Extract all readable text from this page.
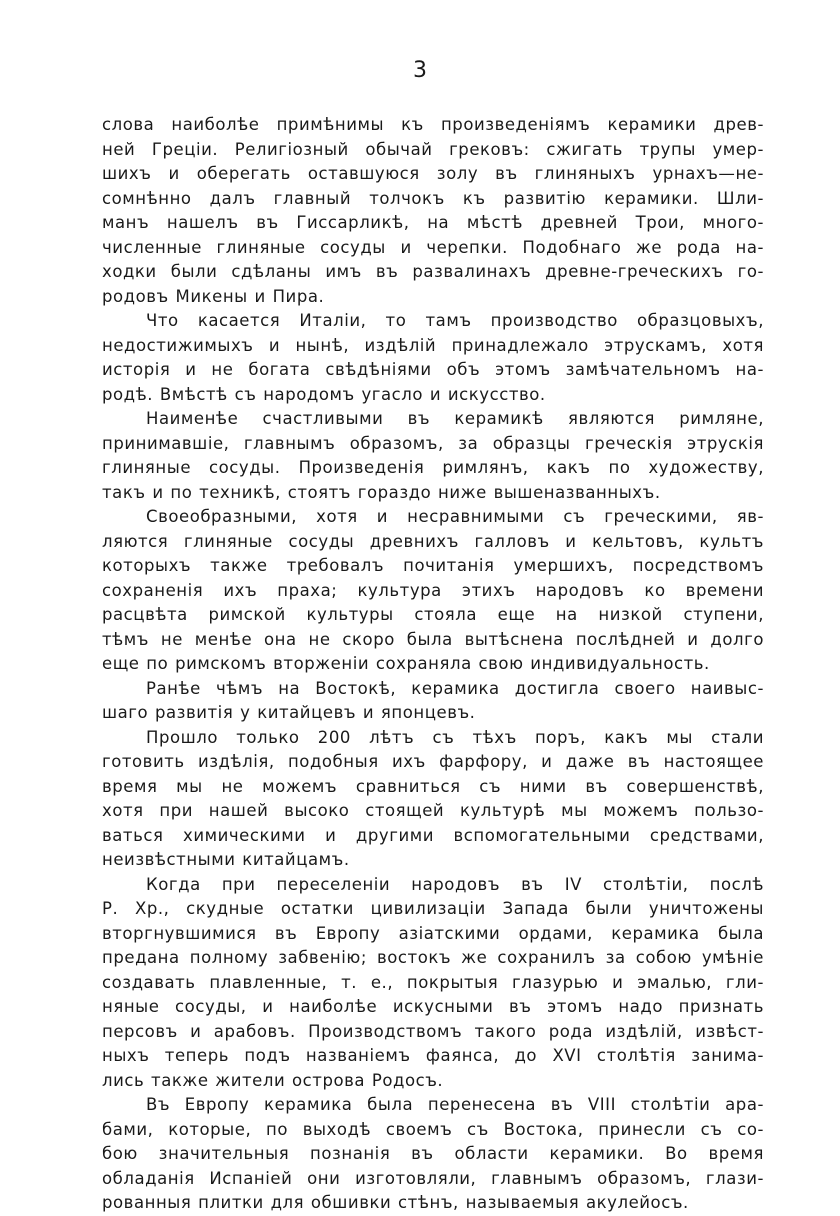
3
слова наиболѣе примѣнимы къ произведеніямъ керамики древ-
ней Греціи. Религіозный обычай грековъ: сжигать трупы умер-
шихъ и оберегать оставшуюся золу въ глиняныхъ урнахъ—не-
сомнѣнно далъ главный толчокъ къ развитію керамики. Шли-
манъ нашелъ въ Гиссарликѣ, на мѣстѣ древней Трои, много-
численные глиняные сосуды и черепки. Подобнаго же рода на-
ходки были сдѣланы имъ въ развалинахъ древне-греческихъ го-
родовъ Микены и Пира.
Что касается Италіи, то тамъ производство образцовыхъ,
недостижимыхъ и нынѣ, издѣлій принадлежало этрускамъ, хотя
исторія и не богата свѣдѣніями объ этомъ замѣчательномъ на-
родѣ. Вмѣстѣ съ народомъ угасло и искусство.
Наименѣе счастливыми въ керамикѣ являются римляне,
принимавшіе, главнымъ образомъ, за образцы греческія этрускія
глиняные сосуды. Произведенія римлянъ, какъ по художеству,
такъ и по техникѣ, стоятъ гораздо ниже вышеназванныхъ.
Своеобразными, хотя и несравнимыми съ греческими, яв-
ляются глиняные сосуды древнихъ галловъ и кельтовъ, культъ
которыхъ также требовалъ почитанія умершихъ, посредствомъ
сохраненія ихъ праха; культура этихъ народовъ ко времени
расцвѣта римской культуры стояла еще на низкой ступени,
тѣмъ не менѣе она не скоро была вытѣснена послѣдней и долго
еще по римскомъ вторженіи сохраняла свою индивидуальность.
Ранѣе чѣмъ на Востокѣ, керамика достигла своего наивыс-
шаго развитія у китайцевъ и японцевъ.
Прошло только 200 лѣтъ съ тѣхъ поръ, какъ мы стали
готовить издѣлія, подобныя ихъ фарфору, и даже въ настоящее
время мы не можемъ сравниться съ ними въ совершенствѣ,
хотя при нашей высоко стоящей культурѣ мы можемъ пользо-
ваться химическими и другими вспомогательными средствами,
неизвѣстными китайцамъ.
Когда при переселеніи народовъ въ IV столѣтіи, послѣ
Р. Хр., скудные остатки цивилизаціи Запада были уничтожены
вторгнувшимися въ Европу азіатскими ордами, керамика была
предана полному забвенію; востокъ же сохранилъ за собою умѣніе
создавать плавленные, т. е., покрытыя глазурью и эмалью, гли-
няные сосуды, и наиболѣе искусными въ этомъ надо признать
персовъ и арабовъ. Производствомъ такого рода издѣлій, извѣст-
ныхъ теперь подъ названіемъ фаянса, до XVI столѣтія занима-
лись также жители острова Родосъ.
Въ Европу керамика была перенесена въ VIII столѣтіи ара-
бами, которые, по выходѣ своемъ съ Востока, принесли съ со-
бою значительныя познанія въ области керамики. Во время
обладанія Испаніей они изготовляли, главнымъ образомъ, глази-
рованныя плитки для обшивки стѣнъ, называемыя акулейосъ.
